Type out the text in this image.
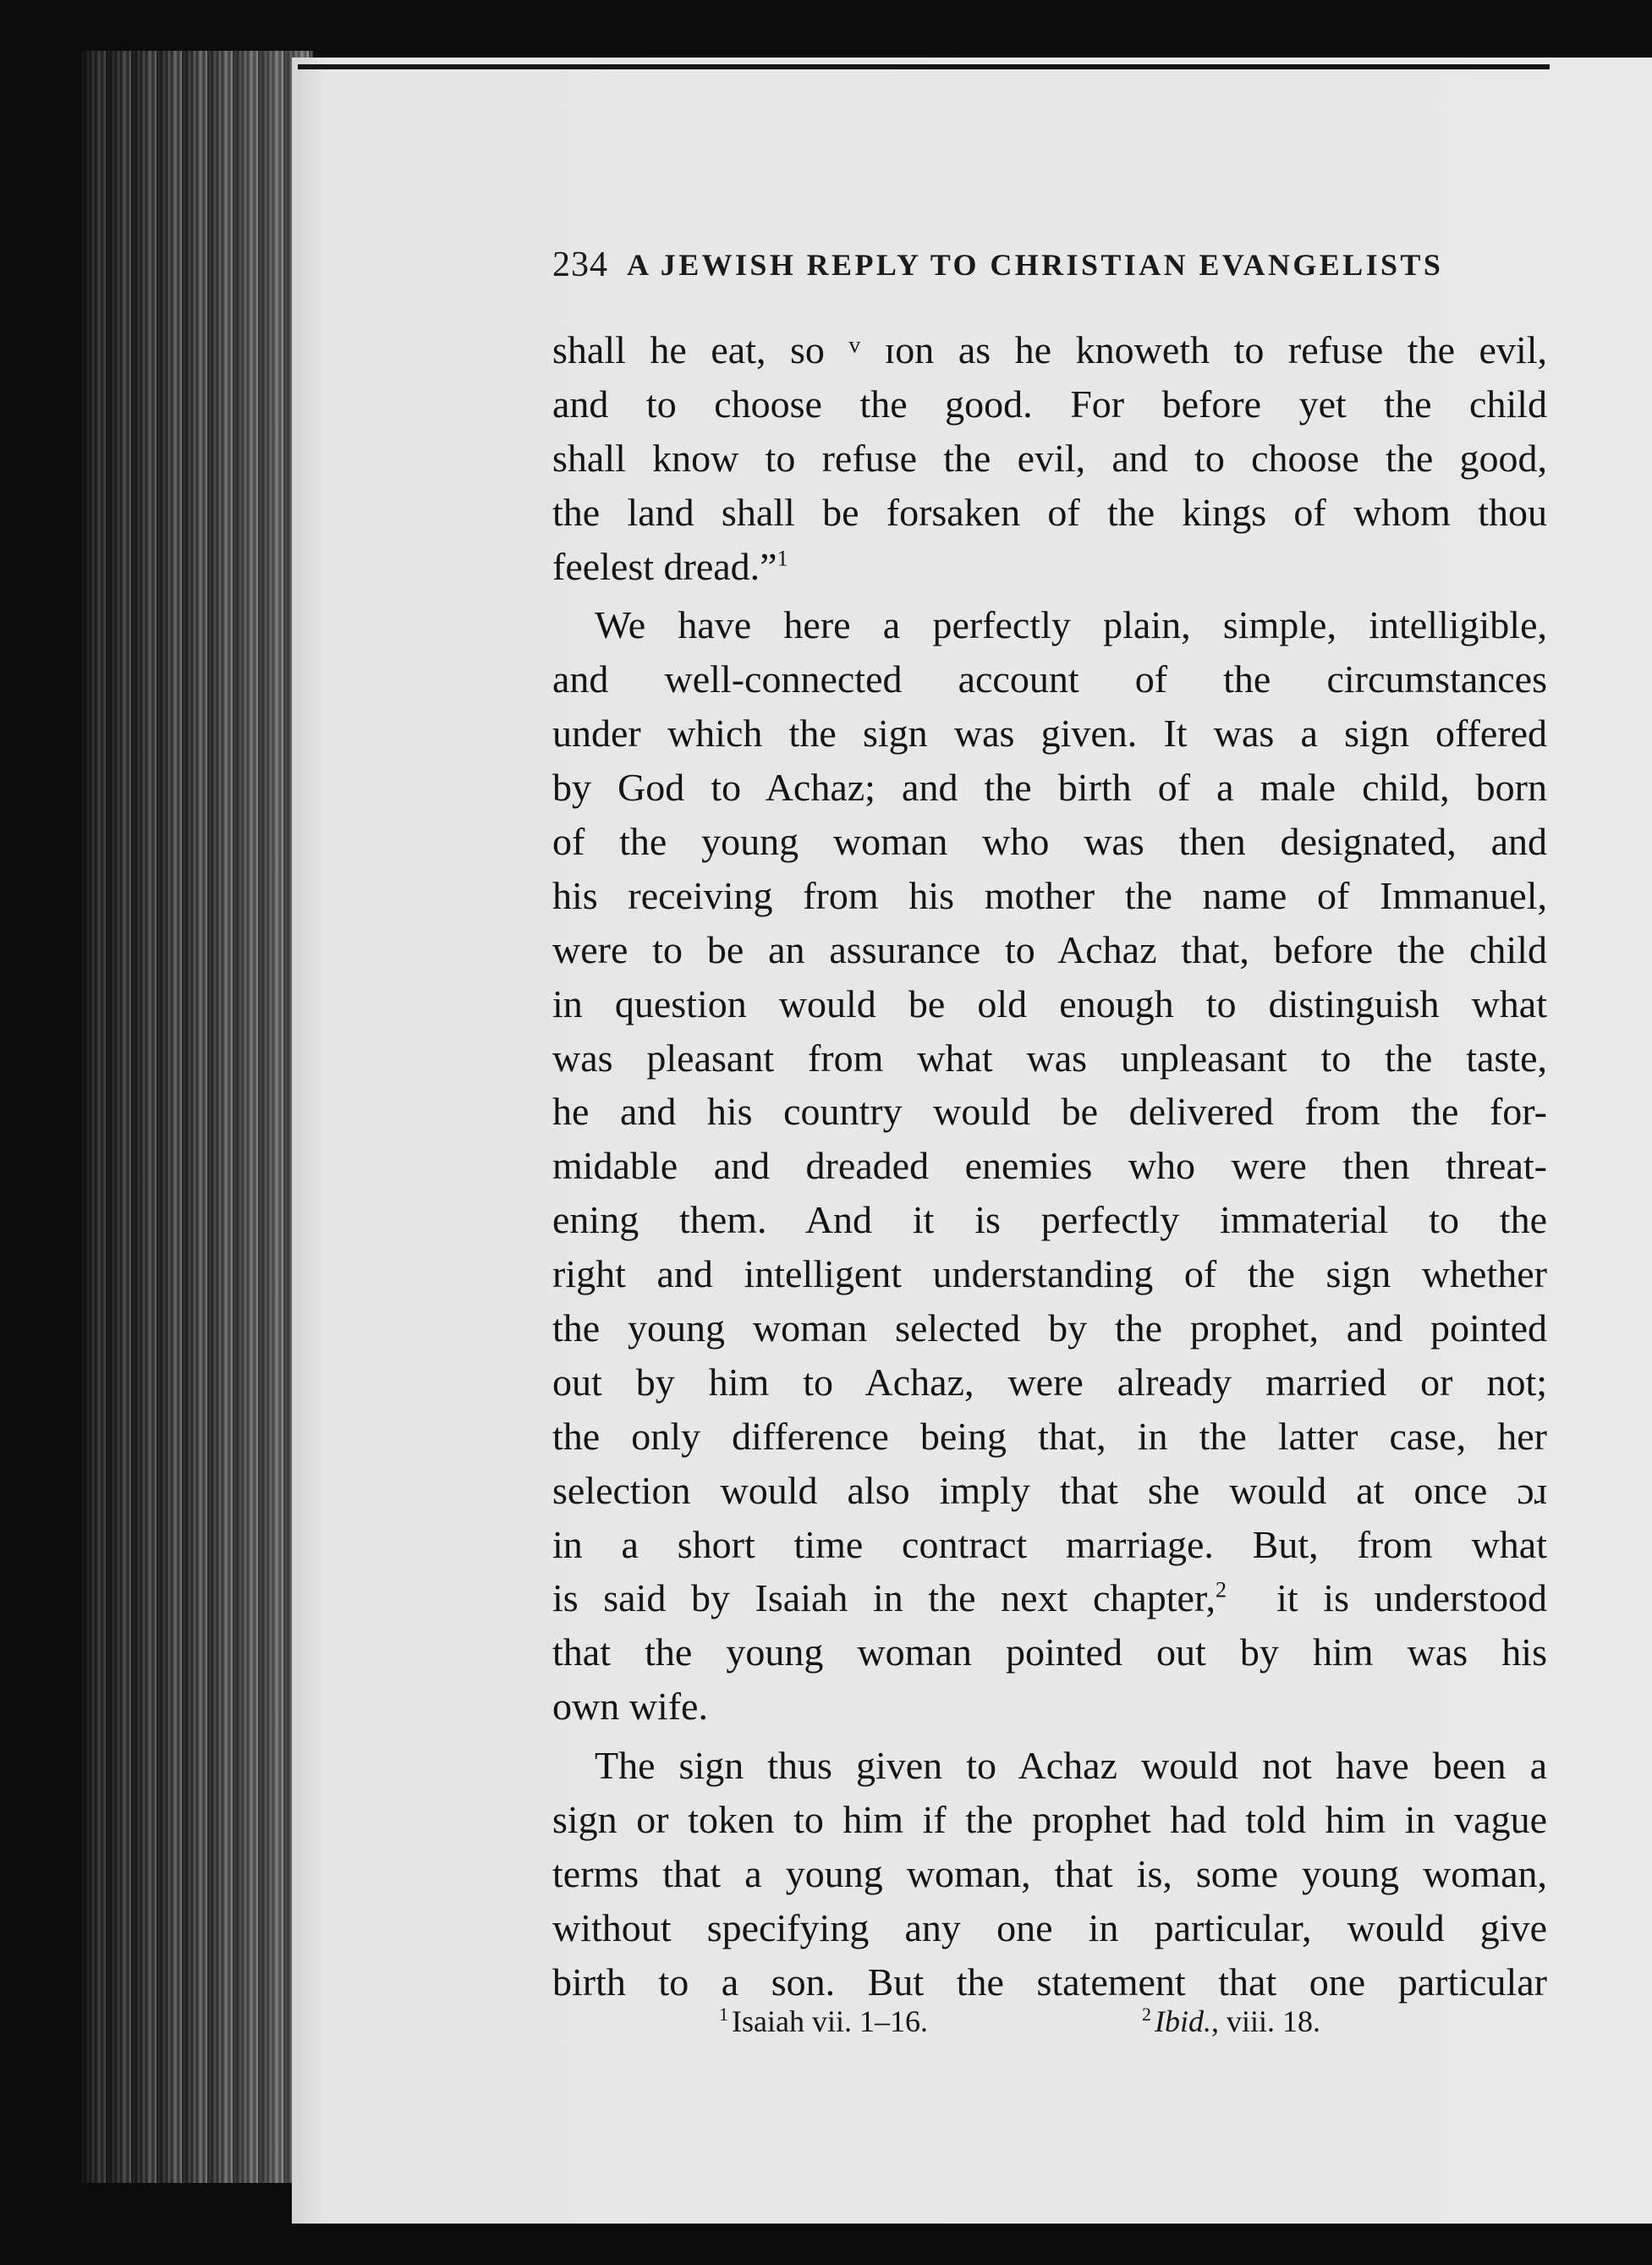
234 A JEWISH REPLY TO CHRISTIAN EVANGELISTS
shall he eat, so ᵛ ɪon as he knoweth to refuse the evil,
and to choose the good. For before yet the child
shall know to refuse the evil, and to choose the good,
the land shall be forsaken of the kings of whom thou
feelest dread.”$^1$
We have here a perfectly plain, simple, intelligible,
and well-connected account of the circumstances
under which the sign was given. It was a sign offered
by God to Achaz; and the birth of a male child, born
of the young woman who was then designated, and
his receiving from his mother the name of Immanuel,
were to be an assurance to Achaz that, before the child
in question would be old enough to distinguish what
was pleasant from what was unpleasant to the taste,
he and his country would be delivered from the for-
midable and dreaded enemies who were then threat-
ening them. And it is perfectly immaterial to the
right and intelligent understanding of the sign whether
the young woman selected by the prophet, and pointed
out by him to Achaz, were already married or not;
the only difference being that, in the latter case, her
selection would also imply that she would at once ɔɹ
in a short time contract marriage. But, from what
is said by Isaiah in the next chapter,$^2$ it is understood
that the young woman pointed out by him was his
own wife.
The sign thus given to Achaz would not have been a
sign or token to him if the prophet had told him in vague
terms that a young woman, that is, some young woman,
without specifying any one in particular, would give
birth to a son. But the statement that one particular
$^1$ Isaiah vii. 1–16.	$^2$ Ibid., viii. 18.
